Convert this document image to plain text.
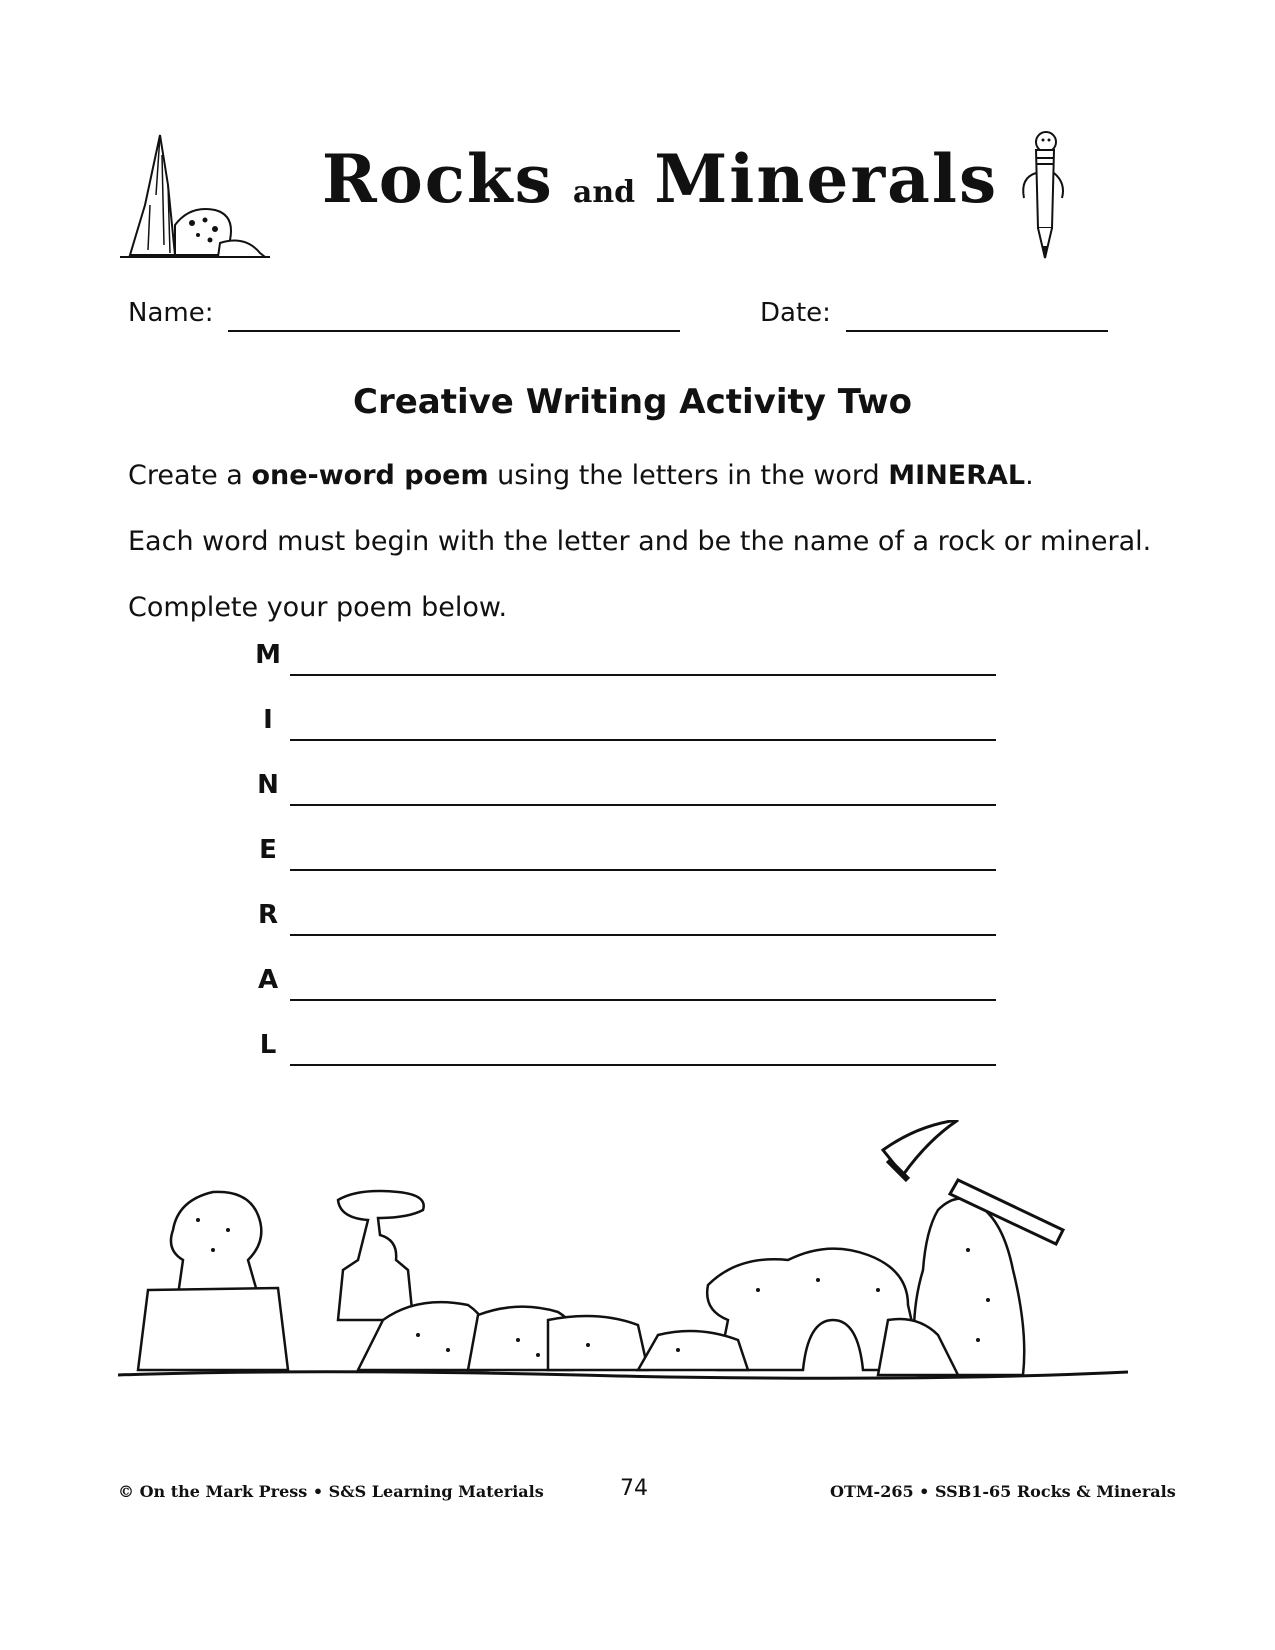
Rocks and Minerals
Name:	Date:
Creative Writing Activity Two
Create a one-word poem using the letters in the word MINERAL.
Each word must begin with the letter and be the name of a rock or mineral.
Complete your poem below.
M
I
N
E
R
A
L
© On the Mark Press • S&S Learning Materials	74	OTM-265 • SSB1-65 Rocks & Minerals
